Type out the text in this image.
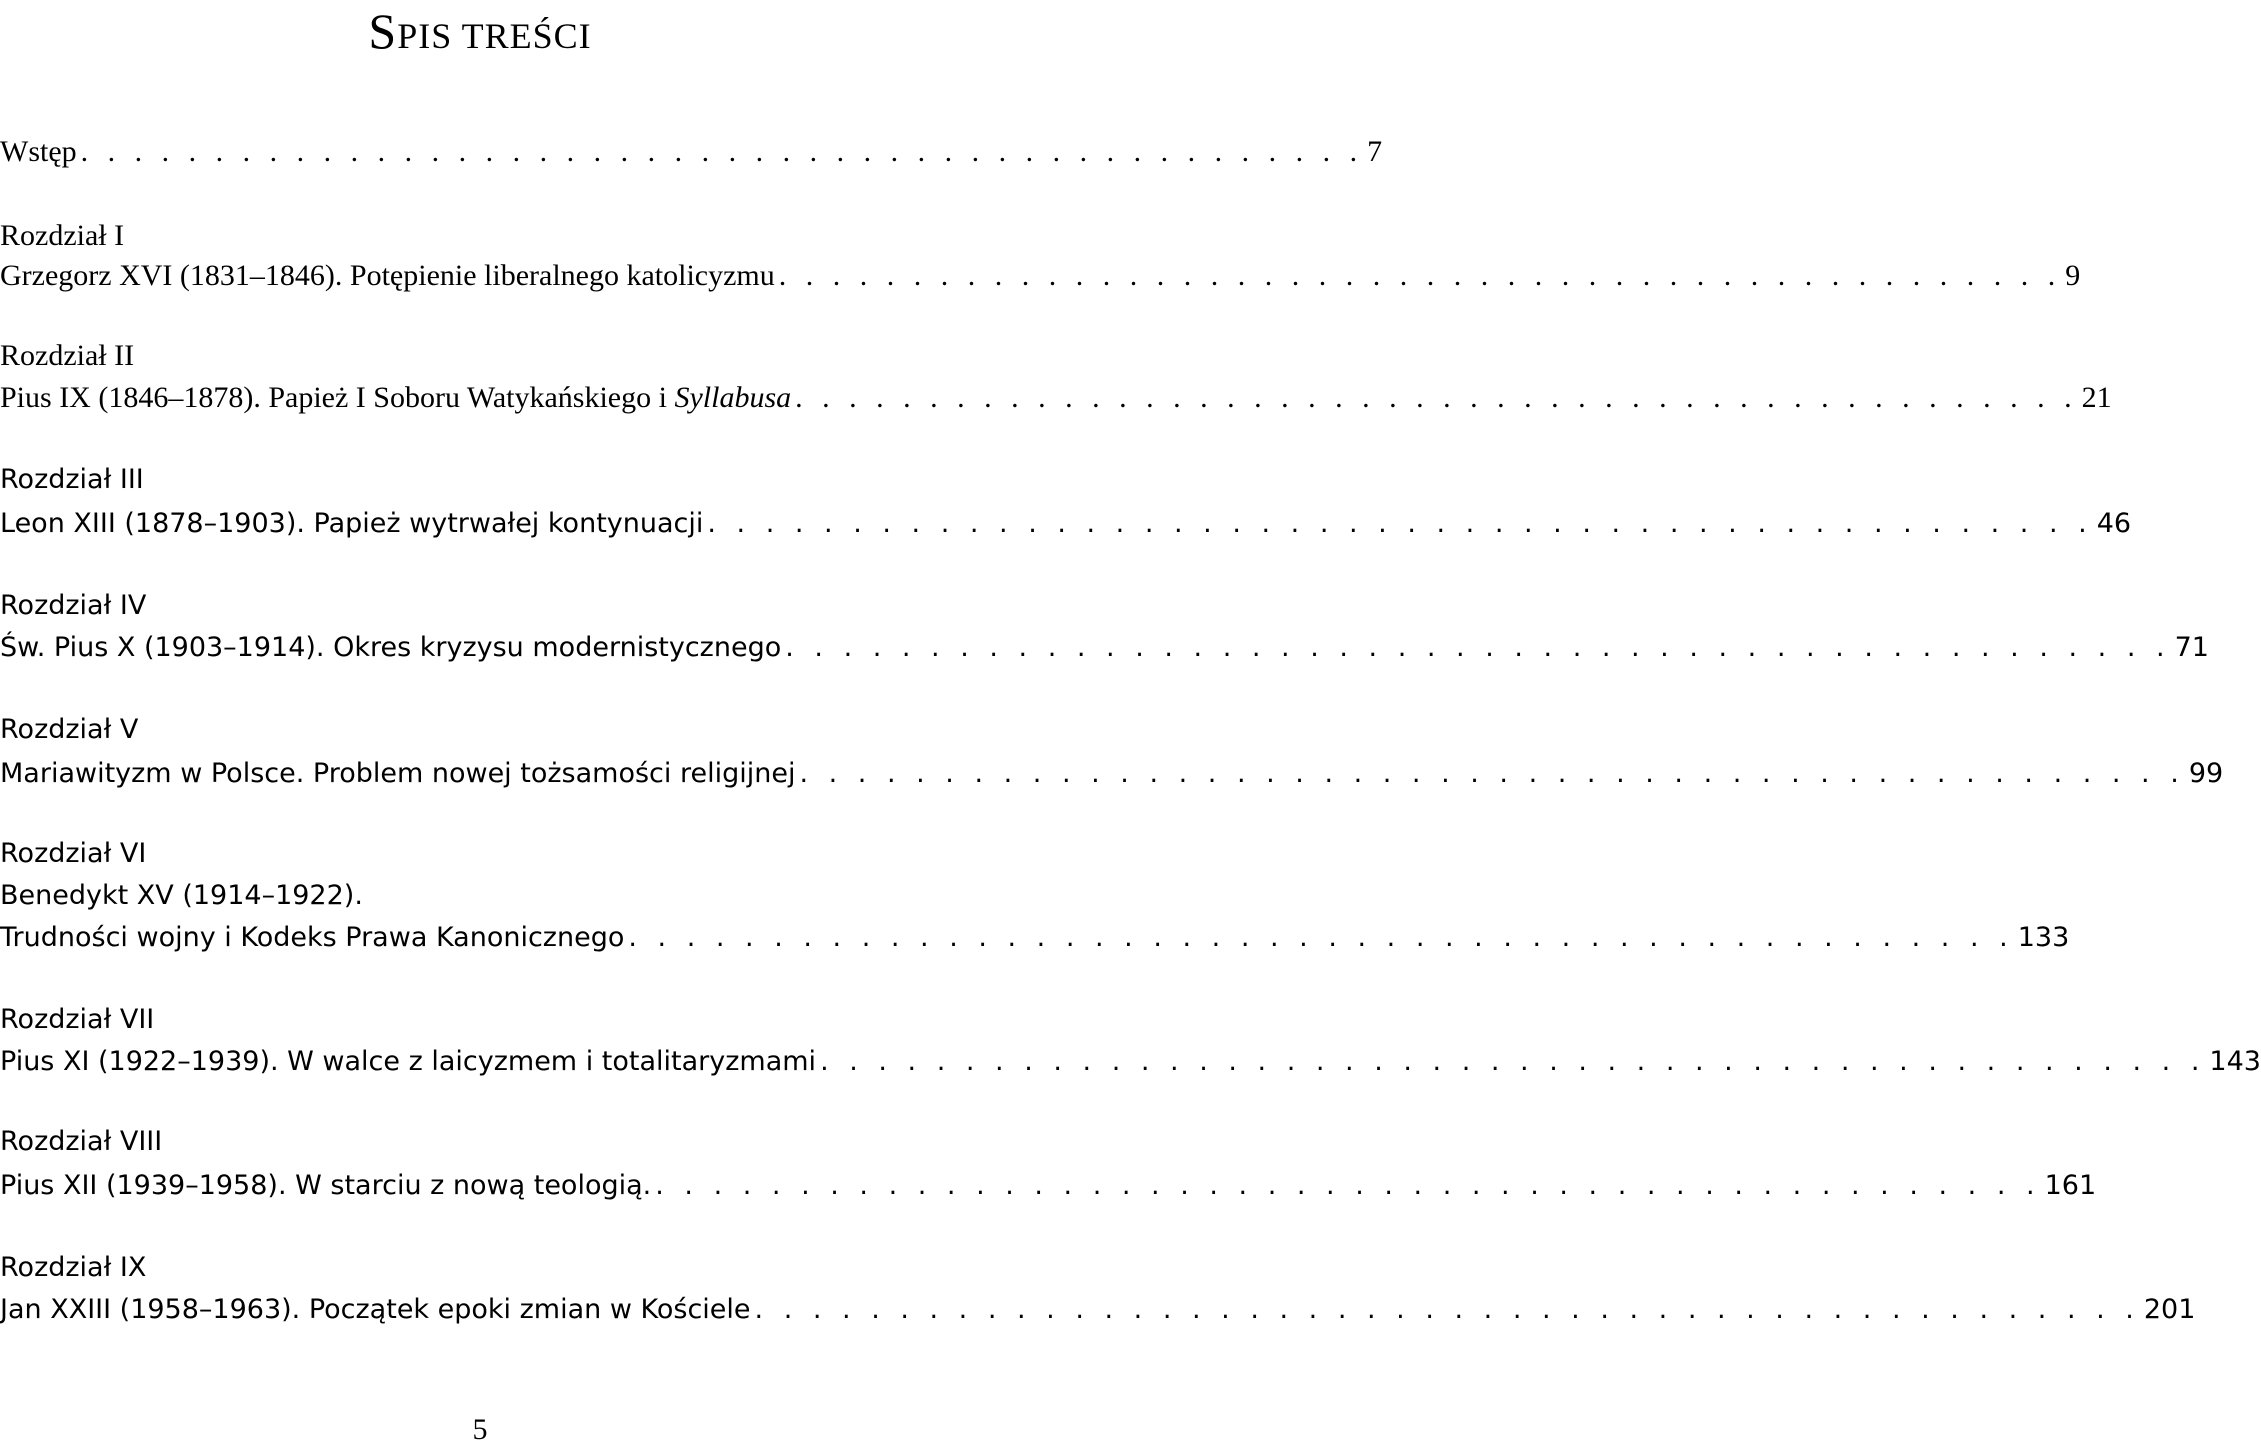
SPIS TREŚCI
Wstęp . . . . . . . . . . . . . . . . . . . . . . . . . . . . . . . . . . . . . . . . . . . . . . . . 7
Rozdział I
Grzegorz XVI (1831–1846). Potępienie liberalnego katolicyzmu . . . . . . . . . . . . . . . . . . . . . . . . . . . . . . . . . . . . . . . . . . . . . . . . 9
Rozdział II
Pius IX (1846–1878). Papież I Soboru Watykańskiego i Syllabusa . . . . . . . . . . . . . . . . . . . . . . . . . . . . . . . . . . . . . . . . . . . . . . . . 21
Rozdział III
Leon XIII (1878–1903). Papież wytrwałej kontynuacji . . . . . . . . . . . . . . . . . . . . . . . . . . . . . . . . . . . . . . . . . . . . . . . . 46
Rozdział IV
Św. Pius X (1903–1914). Okres kryzysu modernistycznego . . . . . . . . . . . . . . . . . . . . . . . . . . . . . . . . . . . . . . . . . . . . . . . . 71
Rozdział V
Mariawityzm w Polsce. Problem nowej tożsamości religijnej . . . . . . . . . . . . . . . . . . . . . . . . . . . . . . . . . . . . . . . . . . . . . . . . 99
Rozdział VI
Benedykt XV (1914–1922).
Trudności wojny i Kodeks Prawa Kanonicznego . . . . . . . . . . . . . . . . . . . . . . . . . . . . . . . . . . . . . . . . . . . . . . . . 133
Rozdział VII
Pius XI (1922–1939). W walce z laicyzmem i totalitaryzmami . . . . . . . . . . . . . . . . . . . . . . . . . . . . . . . . . . . . . . . . . . . . . . . . 143
Rozdział VIII
Pius XII (1939–1958). W starciu z nową teologią. . . . . . . . . . . . . . . . . . . . . . . . . . . . . . . . . . . . . . . . . . . . . . . . . 161
Rozdział IX
Jan XXIII (1958–1963). Początek epoki zmian w Kościele . . . . . . . . . . . . . . . . . . . . . . . . . . . . . . . . . . . . . . . . . . . . . . . . 201
5
